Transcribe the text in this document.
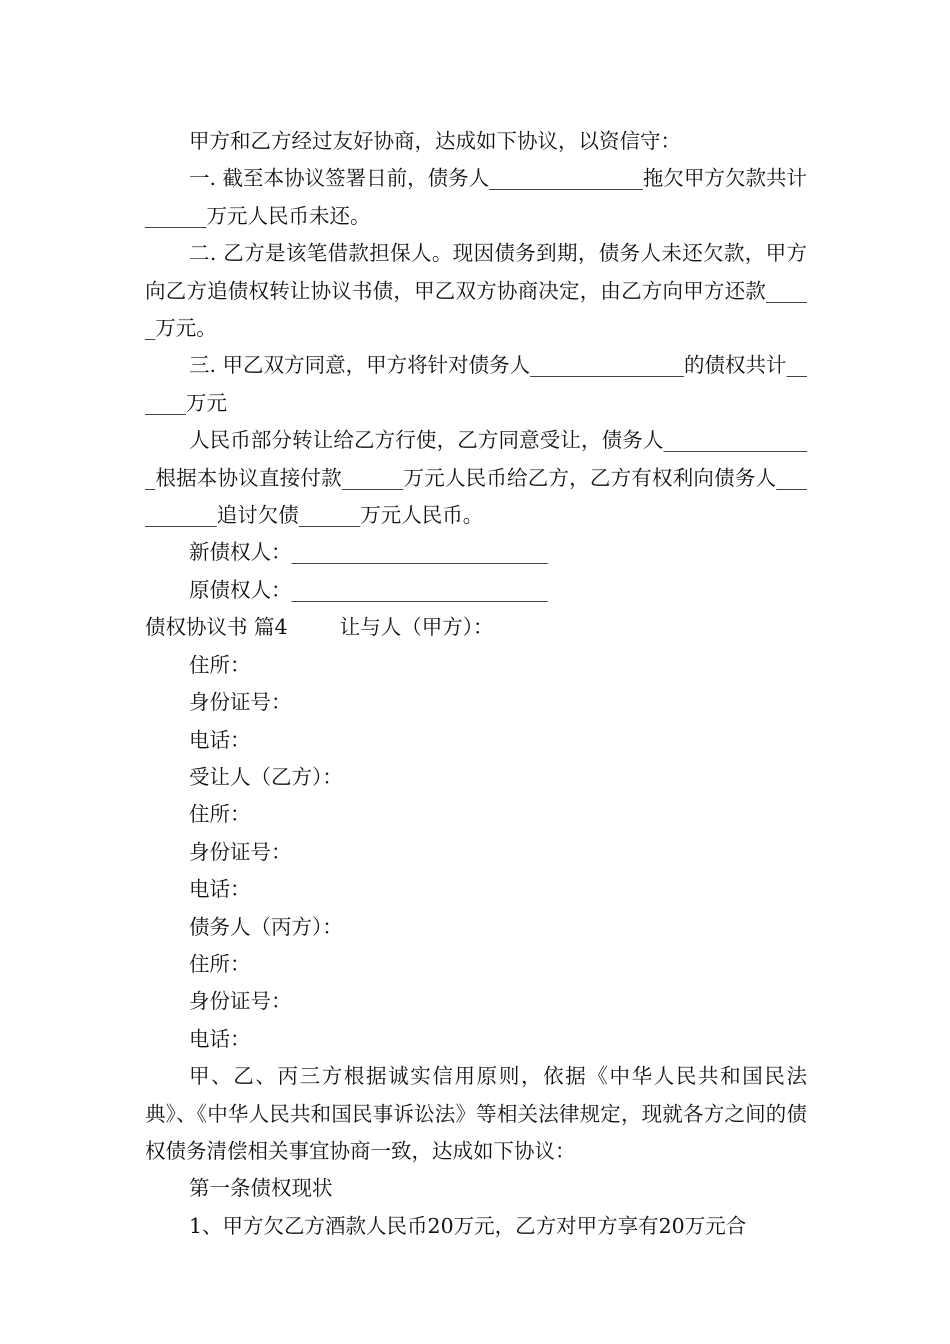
甲方和乙方经过友好协商，达成如下协议，以资信守：

一. 截至本协议签署日前，债务人_______________拖欠甲方欠款共计______万元人民币未还。

二. 乙方是该笔借款担保人。现因债务到期，债务人未还欠款，甲方向乙方追债权转让协议书债，甲乙双方协商决定，由乙方向甲方还款_____万元。

三. 甲乙双方同意，甲方将针对债务人_______________的债权共计______万元

人民币部分转让给乙方行使，乙方同意受让，债务人_______________根据本协议直接付款______万元人民币给乙方，乙方有权利向债务人__________追讨欠债______万元人民币。

新债权人：_________________________

原债权人：_________________________

债权协议书 篇4	让与人（甲方）：

住所：

身份证号：

电话：

受让人（乙方）：

住所：

身份证号：

电话：

债务人（丙方）：

住所：

身份证号：

电话：

甲、乙、丙三方根据诚实信用原则，依据《中华人民共和国民法典》、《中华人民共和国民事诉讼法》等相关法律规定，现就各方之间的债权债务清偿相关事宜协商一致，达成如下协议：

第一条债权现状

1、甲方欠乙方酒款人民币20万元，乙方对甲方享有20万元合
